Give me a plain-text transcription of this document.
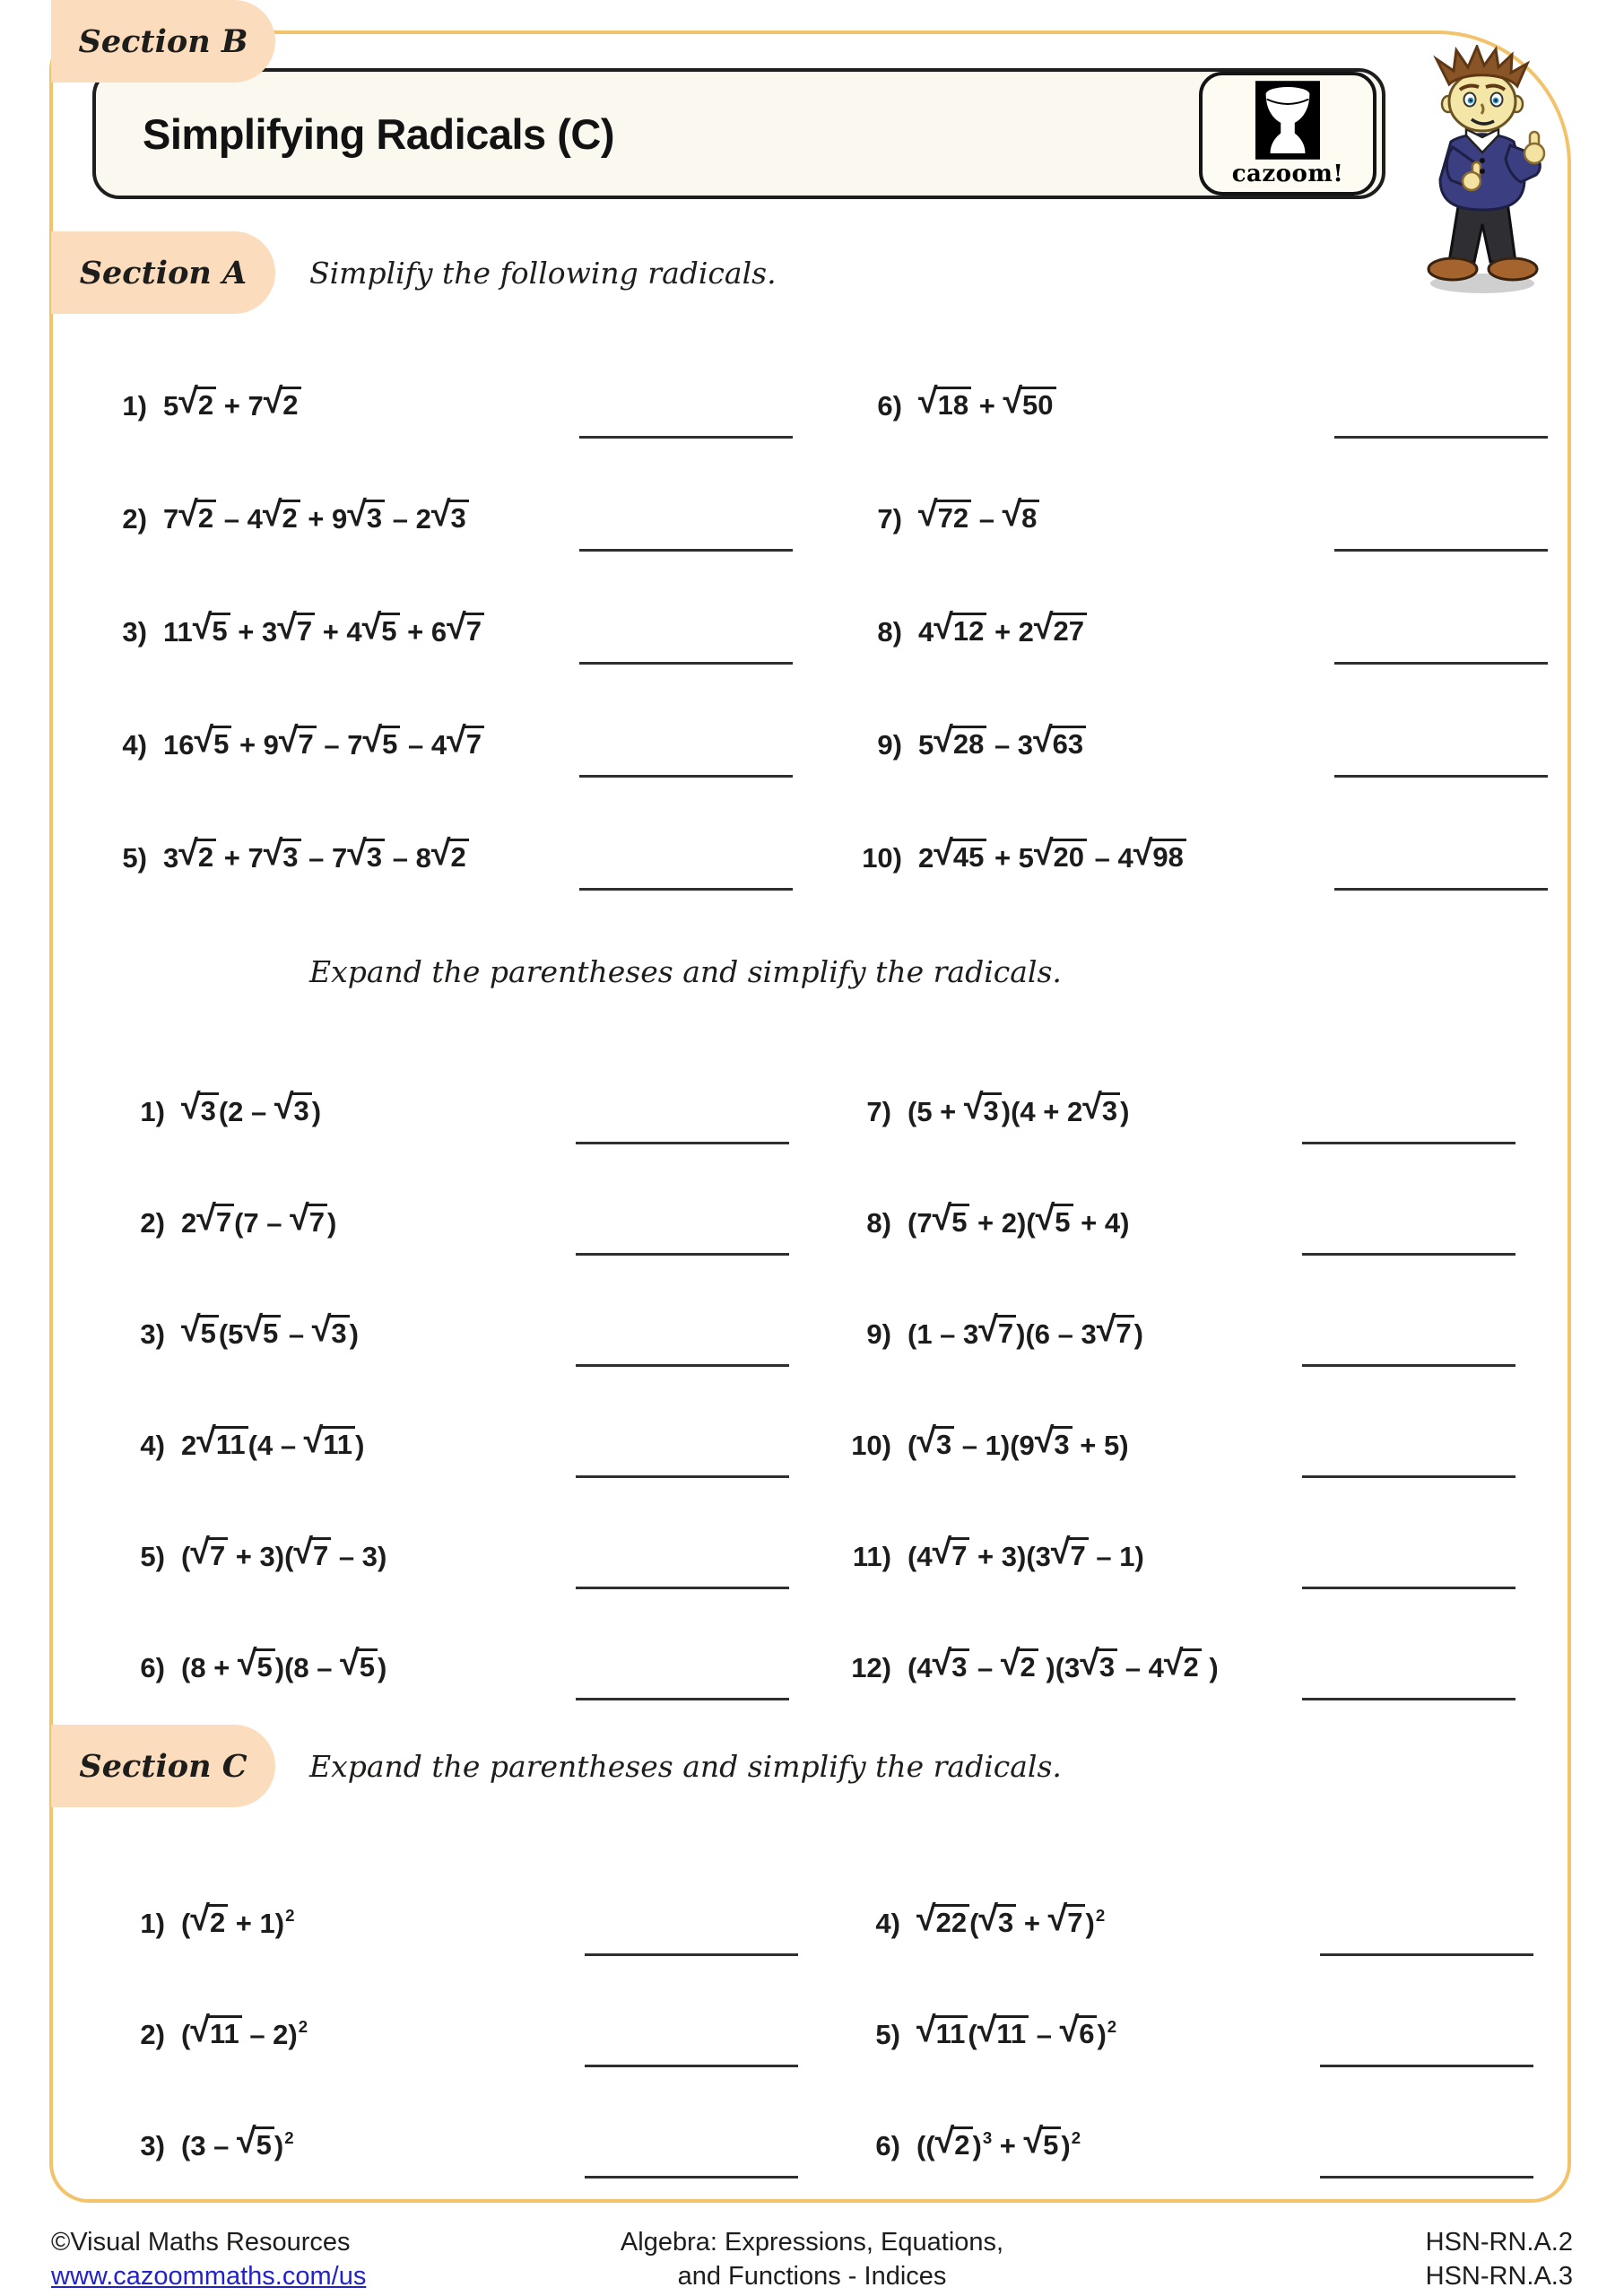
Simplifying Radicals (C)
cazoom!
Section A Simplify the following radicals.
1) 5√2 + 7√2
2) 7√2 – 4√2 + 9√3 – 2√3
3) 11√5 + 3√7 + 4√5 + 6√7
4) 16√5 + 9√7 – 7√5 – 4√7
5) 3√2 + 7√3 – 7√3 – 8√2
6) √18 + √50
7) √72 – √8
8) 4√12 + 2√27
9) 5√28 – 3√63
10) 2√45 + 5√20 – 4√98
Section B
Expand the parentheses and simplify the radicals.
1) √3(2 – √3)
2) 2√7(7 – √7)
3) √5(5√5 – √3)
4) 2√11(4 – √11)
5) (√7 + 3)(√7 – 3)
6) (8 + √5)(8 – √5)
7) (5 + √3)(4 + 2√3)
8) (7√5 + 2)(√5 + 4)
9) (1 – 3√7)(6 – 3√7)
10) (√3 – 1)(9√3 + 5)
11) (4√7 + 3)(3√7 – 1)
12) (4√3 – √2 )(3√3 – 4√2 )
Section C Expand the parentheses and simplify the radicals.
1) (√2 + 1)2
2) (√11 – 2)2
3) (3 – √5)2
4) √22(√3 + √7)2
5) √11(√11 – √6)2
6) ((√2)3 + √5)2
©Visual Maths Resources
www.cazoommaths.com/us
Algebra: Expressions, Equations,
and Functions - Indices
HSN-RN.A.2
HSN-RN.A.3
